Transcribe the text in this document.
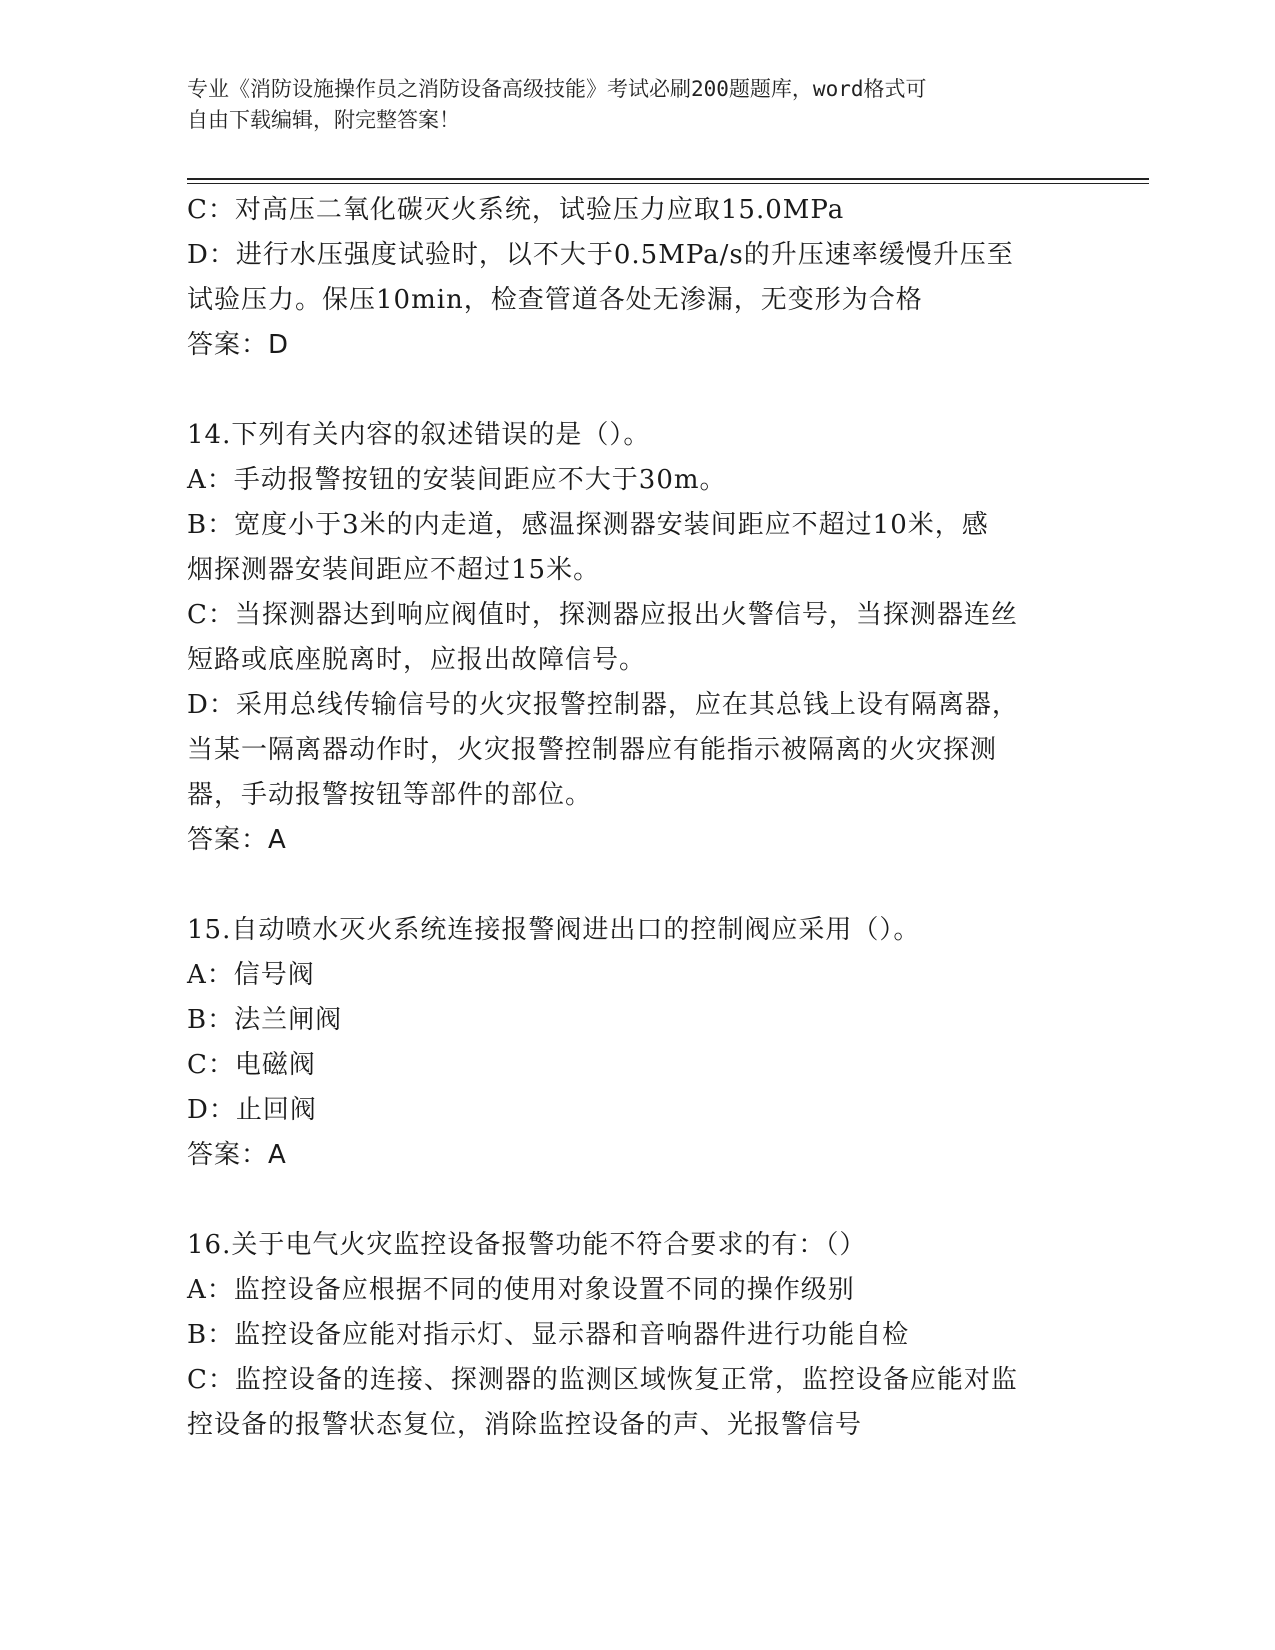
专业《消防设施操作员之消防设备高级技能》考试必刷200题题库，word格式可
自由下载编辑，附完整答案！
C：对高压二氧化碳灭火系统，试验压力应取15.0MPa
D：进行水压强度试验时，以不大于0.5MPa/s的升压速率缓慢升压至
试验压力。保压10min，检查管道各处无渗漏，无变形为合格
答案：D
14.下列有关内容的叙述错误的是（）。
A：手动报警按钮的安装间距应不大于30m。
B：宽度小于3米的内走道，感温探测器安装间距应不超过10米，感
烟探测器安装间距应不超过15米。
C：当探测器达到响应阀值时，探测器应报出火警信号，当探测器连丝
短路或底座脱离时，应报出故障信号。
D：采用总线传输信号的火灾报警控制器，应在其总钱上设有隔离器，
当某一隔离器动作时，火灾报警控制器应有能指示被隔离的火灾探测
器，手动报警按钮等部件的部位。
答案：A
15.自动喷水灭火系统连接报警阀进出口的控制阀应采用（）。
A：信号阀
B：法兰闸阀
C：电磁阀
D：止回阀
答案：A
16.关于电气火灾监控设备报警功能不符合要求的有：（）
A：监控设备应根据不同的使用对象设置不同的操作级别
B：监控设备应能对指示灯、显示器和音响器件进行功能自检
C：监控设备的连接、探测器的监测区域恢复正常，监控设备应能对监
控设备的报警状态复位，消除监控设备的声、光报警信号
